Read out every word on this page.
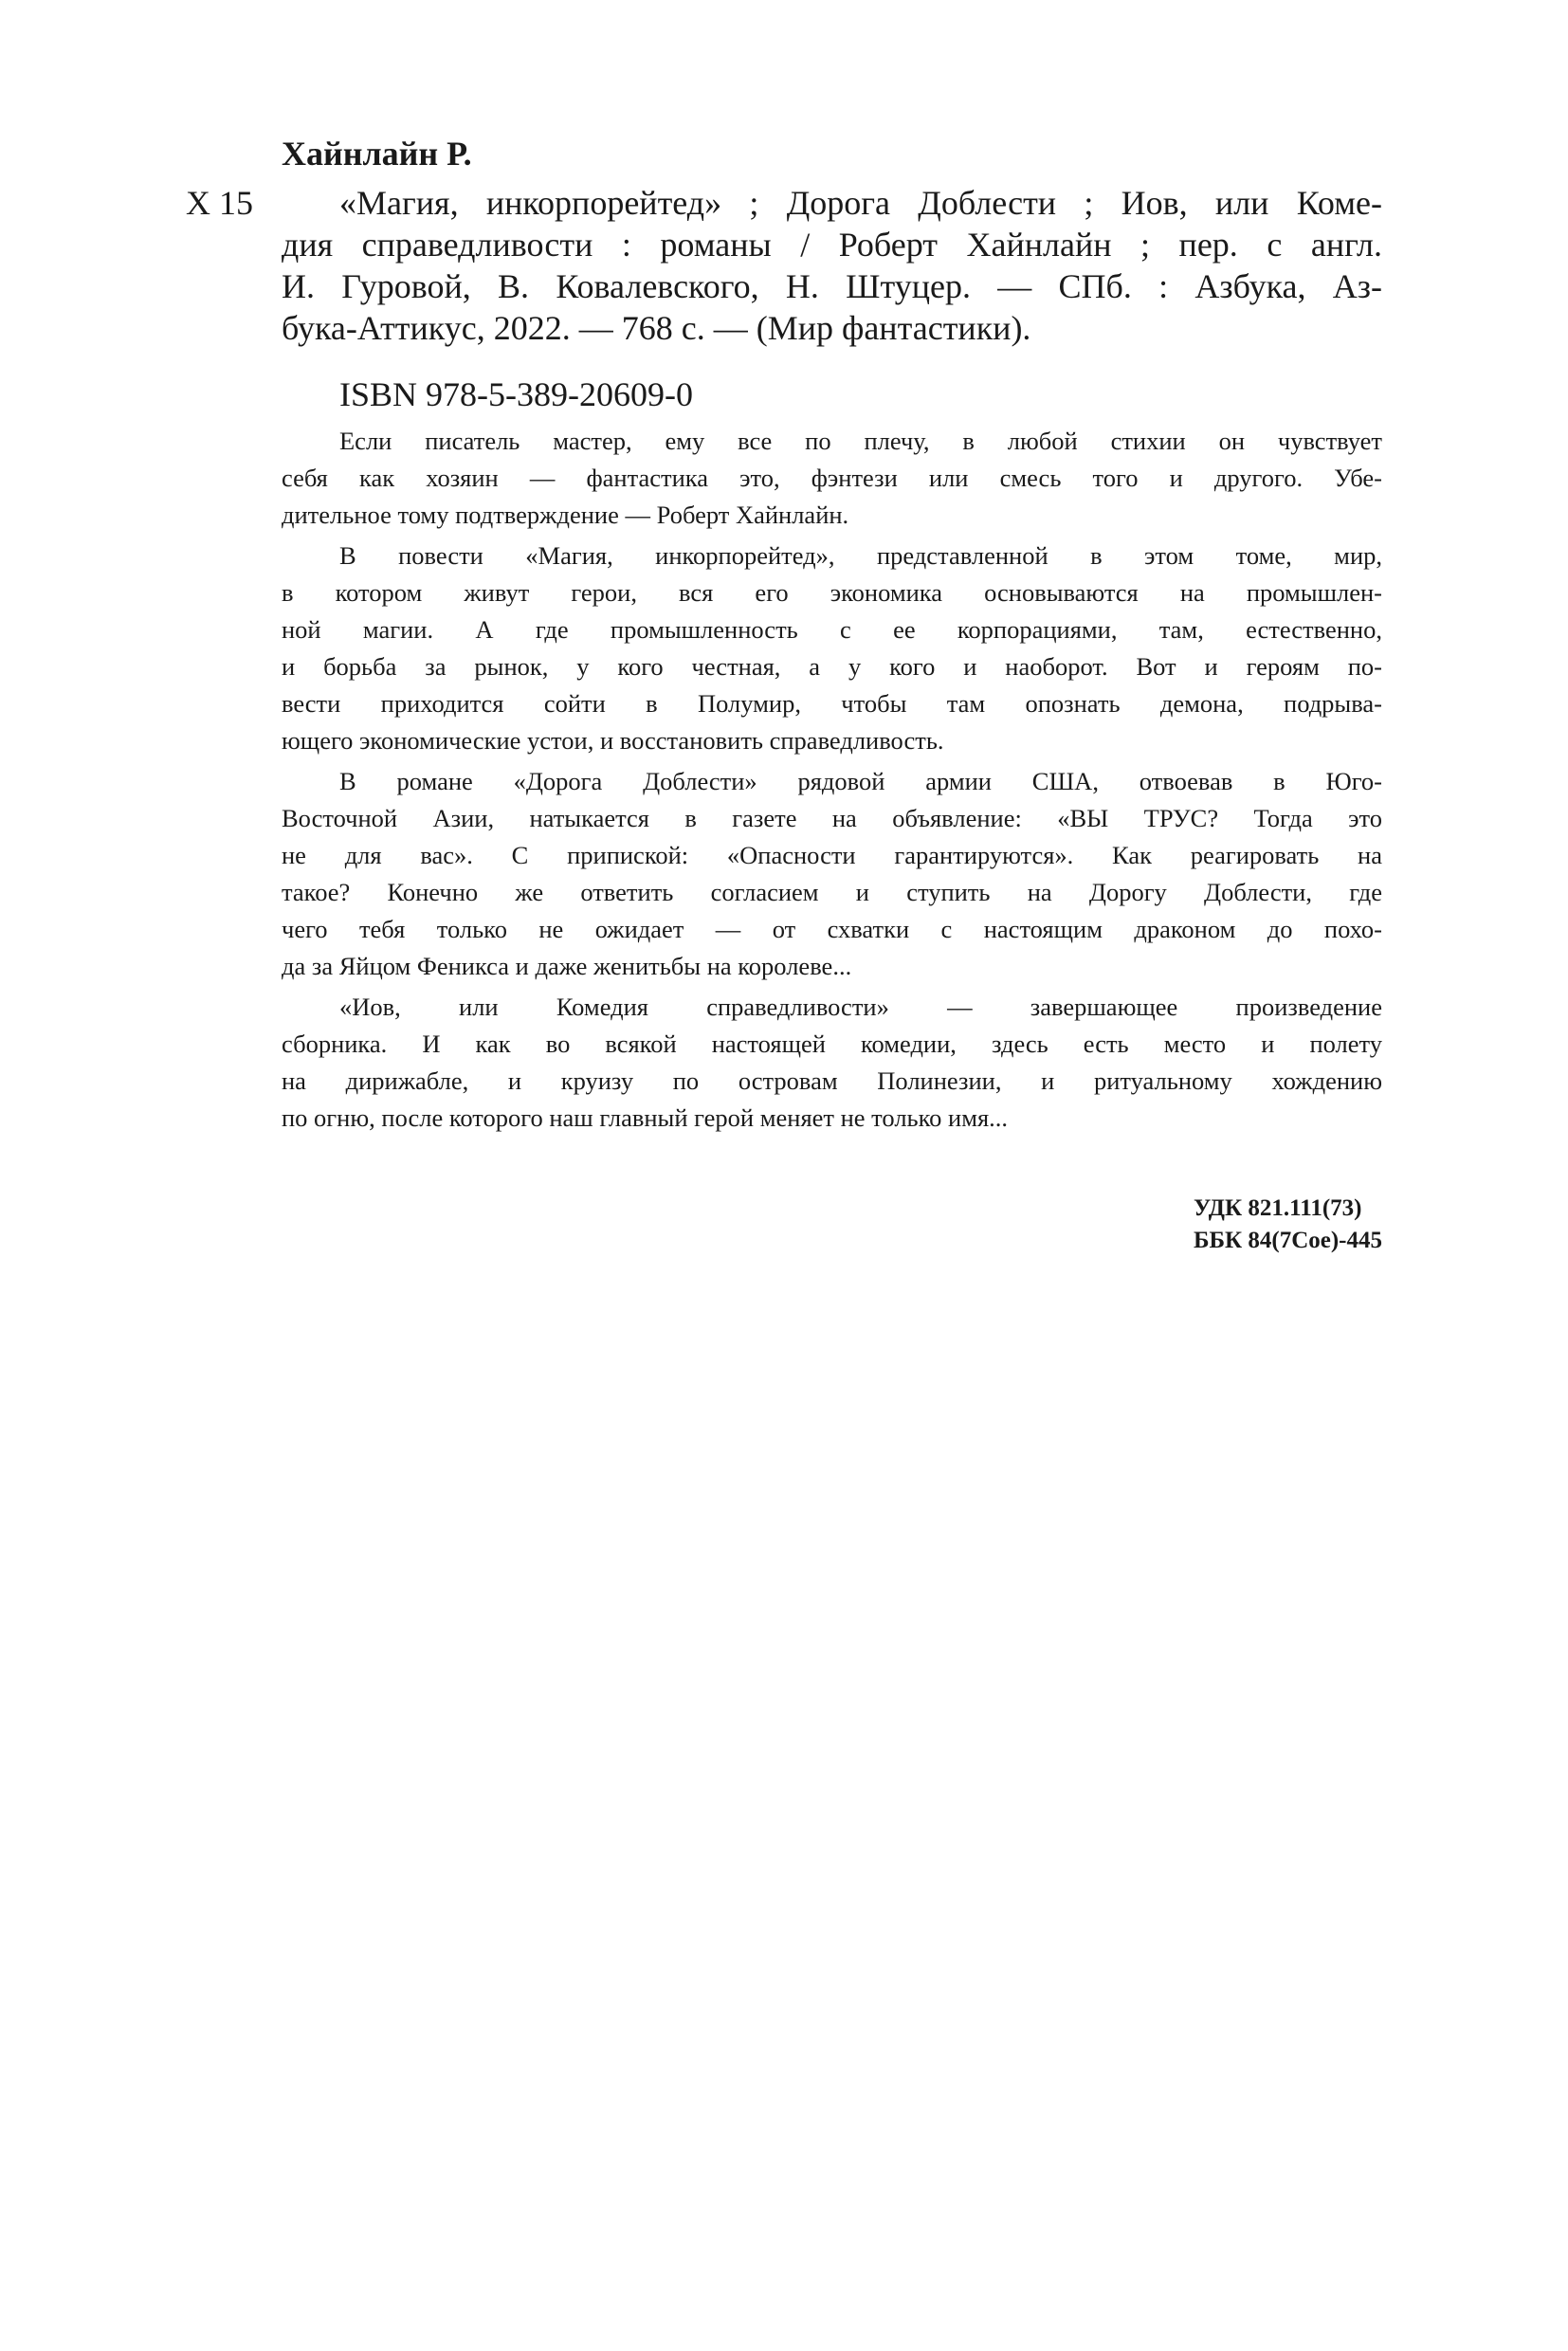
Хайнлайн Р.
Х 15	«Магия, инкорпорейтед» ; Дорога Доблести ; Иов, или Коме-
дия справедливости : романы / Роберт Хайнлайн ; пер. с англ.
И. Гуровой, В. Ковалевского, Н. Штуцер. — СПб. : Азбука, Аз-
бука-Аттикус, 2022. — 768 с. — (Мир фантастики).
ISBN 978-5-389-20609-0
Если писатель мастер, ему все по плечу, в любой стихии он чувствует
себя как хозяин — фантастика это, фэнтези или смесь того и другого. Убе-
дительное тому подтверждение — Роберт Хайнлайн.
В повести «Магия, инкорпорейтед», представленной в этом томе, мир,
в котором живут герои, вся его экономика основываются на промышлен-
ной магии. А где промышленность с ее корпорациями, там, естественно,
и борьба за рынок, у кого честная, а у кого и наоборот. Вот и героям по-
вести приходится сойти в Полумир, чтобы там опознать демона, подрыва-
ющего экономические устои, и восстановить справедливость.
В романе «Дорога Доблести» рядовой армии США, отвоевав в Юго-
Восточной Азии, натыкается в газете на объявление: «ВЫ ТРУС? Тогда это
не для вас». С припиской: «Опасности гарантируются». Как реагировать на
такое? Конечно же ответить согласием и ступить на Дорогу Доблести, где
чего тебя только не ожидает — от схватки с настоящим драконом до похо-
да за Яйцом Феникса и даже женитьбы на королеве...
«Иов, или Комедия справедливости» — завершающее произведение
сборника. И как во всякой настоящей комедии, здесь есть место и полету
на дирижабле, и круизу по островам Полинезии, и ритуальному хождению
по огню, после которого наш главный герой меняет не только имя...
УДК 821.111(73)
ББК 84(7Сое)-445
